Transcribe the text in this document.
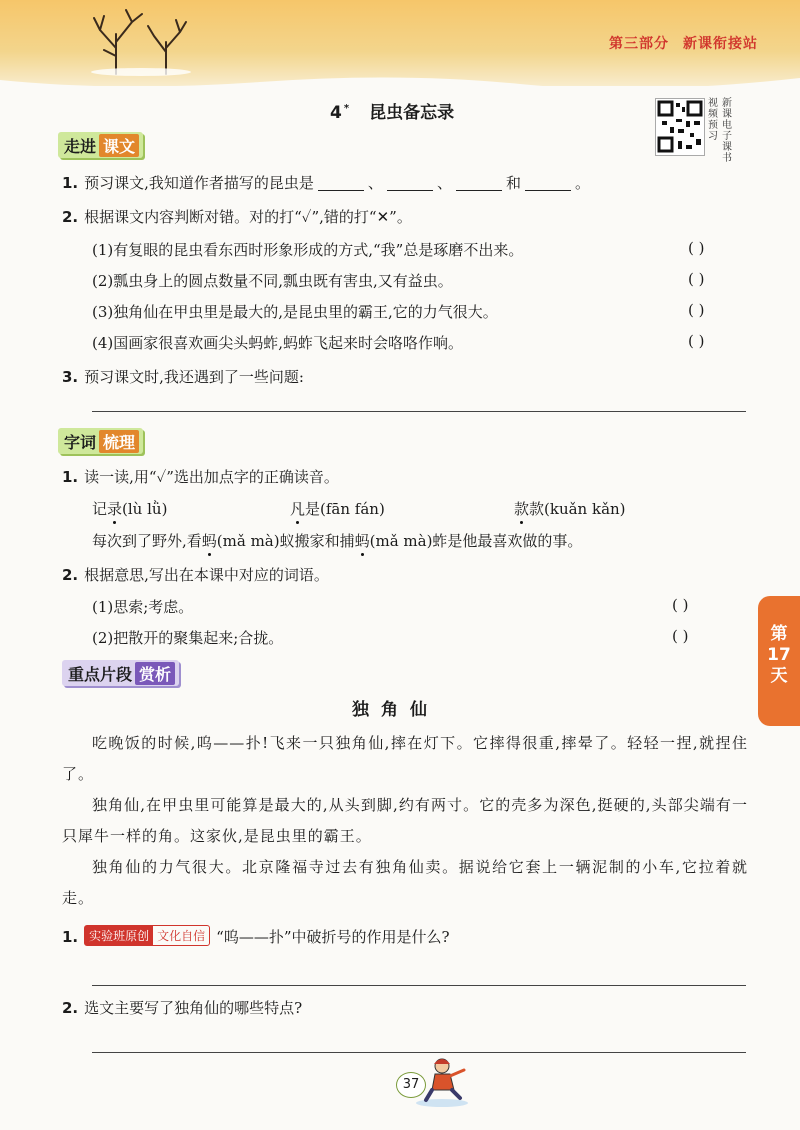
第三部分 新课衔接站
4 * 昆虫备忘录	视频预习
新课电子课书
走进 课文
1. 预习课文,我知道作者描写的昆虫是	、	、	和	。
2. 根据课文内容判断对错。对的打“✓”,错的打“✕”。
(1)有复眼的昆虫看东西时形象形成的方式,“我”总是琢磨不出来。	( )
(2)瓢虫身上的圆点数量不同,瓢虫既有害虫,又有益虫。	( )
(3)独角仙在甲虫里是最大的,是昆虫里的霸王,它的力气很大。	( )
(4)国画家很喜欢画尖头蚂蚱,蚂蚱飞起来时会咯咯作响。	( )
3. 预习课文时,我还遇到了一些问题:
字词 梳理
1. 读一读,用“✓”选出加点字的正确读音。
记录(lù lǜ)	凡是(fān fán)	款款(kuǎn kǎn)
每次到了野外,看蚂(mǎ mà)蚁搬家和捕蚂(mǎ mà)蚱是他最喜欢做的事。
2. 根据意思,写出在本课中对应的词语。
(1)思索;考虑。	( )
(2)把散开的聚集起来;合拢。	( )	第
17
天
重点片段 赏析
独角仙
吃晚饭的时候,呜——扑!飞来一只独角仙,摔在灯下。它摔得很重,摔晕了。轻轻一捏,就捏住了。
独角仙,在甲虫里可能算是最大的,从头到脚,约有两寸。它的壳多为深色,挺硬的,头部尖端有一只犀牛一样的角。这家伙,是昆虫里的霸王。
独角仙的力气很大。北京隆福寺过去有独角仙卖。据说给它套上一辆泥制的小车,它拉着就走。
1. 实验班原创 文化自信 “呜——扑”中破折号的作用是什么?
2. 选文主要写了独角仙的哪些特点?
37
